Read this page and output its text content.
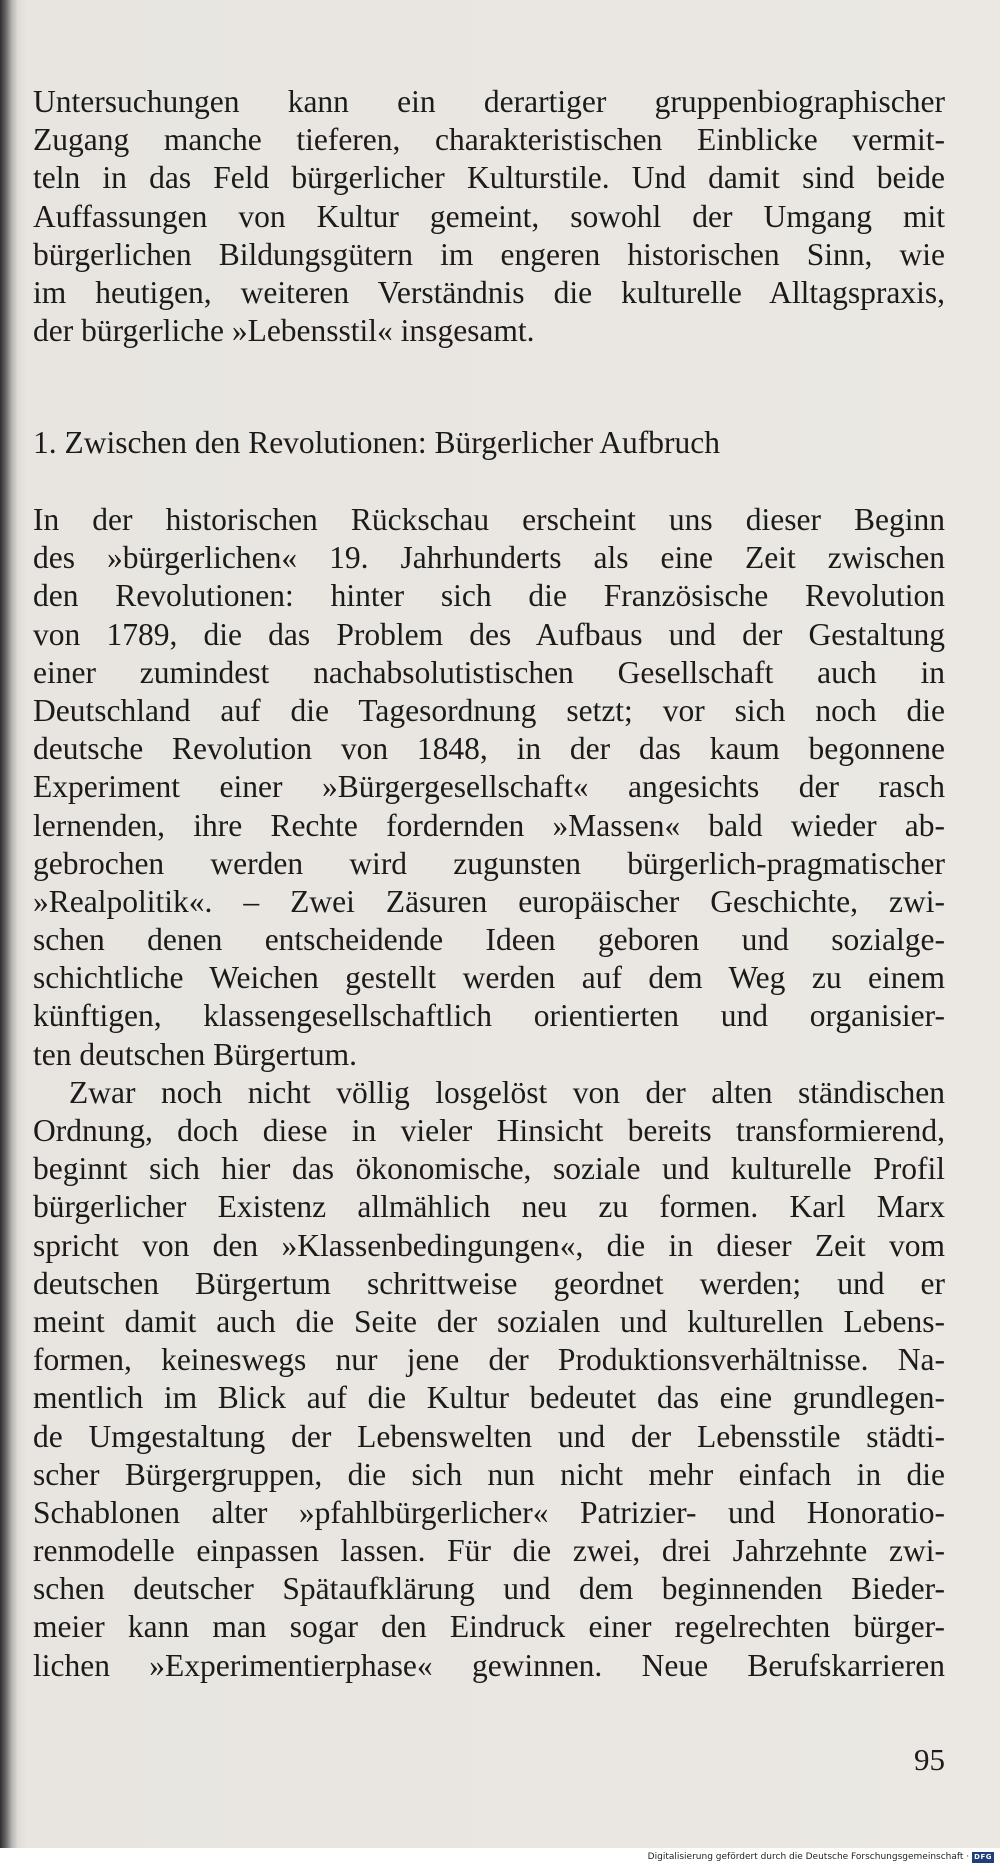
Untersuchungen kann ein derartiger gruppenbiographischer
Zugang manche tieferen, charakteristischen Einblicke vermit-
teln in das Feld bürgerlicher Kulturstile. Und damit sind beide
Auffassungen von Kultur gemeint, sowohl der Umgang mit
bürgerlichen Bildungsgütern im engeren historischen Sinn, wie
im heutigen, weiteren Verständnis die kulturelle Alltagspraxis,
der bürgerliche »Lebensstil« insgesamt.
1. Zwischen den Revolutionen: Bürgerlicher Aufbruch
In der historischen Rückschau erscheint uns dieser Beginn
des »bürgerlichen« 19. Jahrhunderts als eine Zeit zwischen
den Revolutionen: hinter sich die Französische Revolution
von 1789, die das Problem des Aufbaus und der Gestaltung
einer zumindest nachabsolutistischen Gesellschaft auch in
Deutschland auf die Tagesordnung setzt; vor sich noch die
deutsche Revolution von 1848, in der das kaum begonnene
Experiment einer »Bürgergesellschaft« angesichts der rasch
lernenden, ihre Rechte fordernden »Massen« bald wieder ab-
gebrochen werden wird zugunsten bürgerlich-pragmatischer
»Realpolitik«. – Zwei Zäsuren europäischer Geschichte, zwi-
schen denen entscheidende Ideen geboren und sozialge-
schichtliche Weichen gestellt werden auf dem Weg zu einem
künftigen, klassengesellschaftlich orientierten und organisier-
ten deutschen Bürgertum.
Zwar noch nicht völlig losgelöst von der alten ständischen
Ordnung, doch diese in vieler Hinsicht bereits transformierend,
beginnt sich hier das ökonomische, soziale und kulturelle Profil
bürgerlicher Existenz allmählich neu zu formen. Karl Marx
spricht von den »Klassenbedingungen«, die in dieser Zeit vom
deutschen Bürgertum schrittweise geordnet werden; und er
meint damit auch die Seite der sozialen und kulturellen Lebens-
formen, keineswegs nur jene der Produktionsverhältnisse. Na-
mentlich im Blick auf die Kultur bedeutet das eine grundlegen-
de Umgestaltung der Lebenswelten und der Lebensstile städti-
scher Bürgergruppen, die sich nun nicht mehr einfach in die
Schablonen alter »pfahlbürgerlicher« Patrizier- und Honoratio-
renmodelle einpassen lassen. Für die zwei, drei Jahrzehnte zwi-
schen deutscher Spätaufklärung und dem beginnenden Bieder-
meier kann man sogar den Eindruck einer regelrechten bürger-
lichen »Experimentierphase« gewinnen. Neue Berufskarrieren
95
Digitalisierung gefördert durch die Deutsche Forschungsgemeinschaft · DFG
